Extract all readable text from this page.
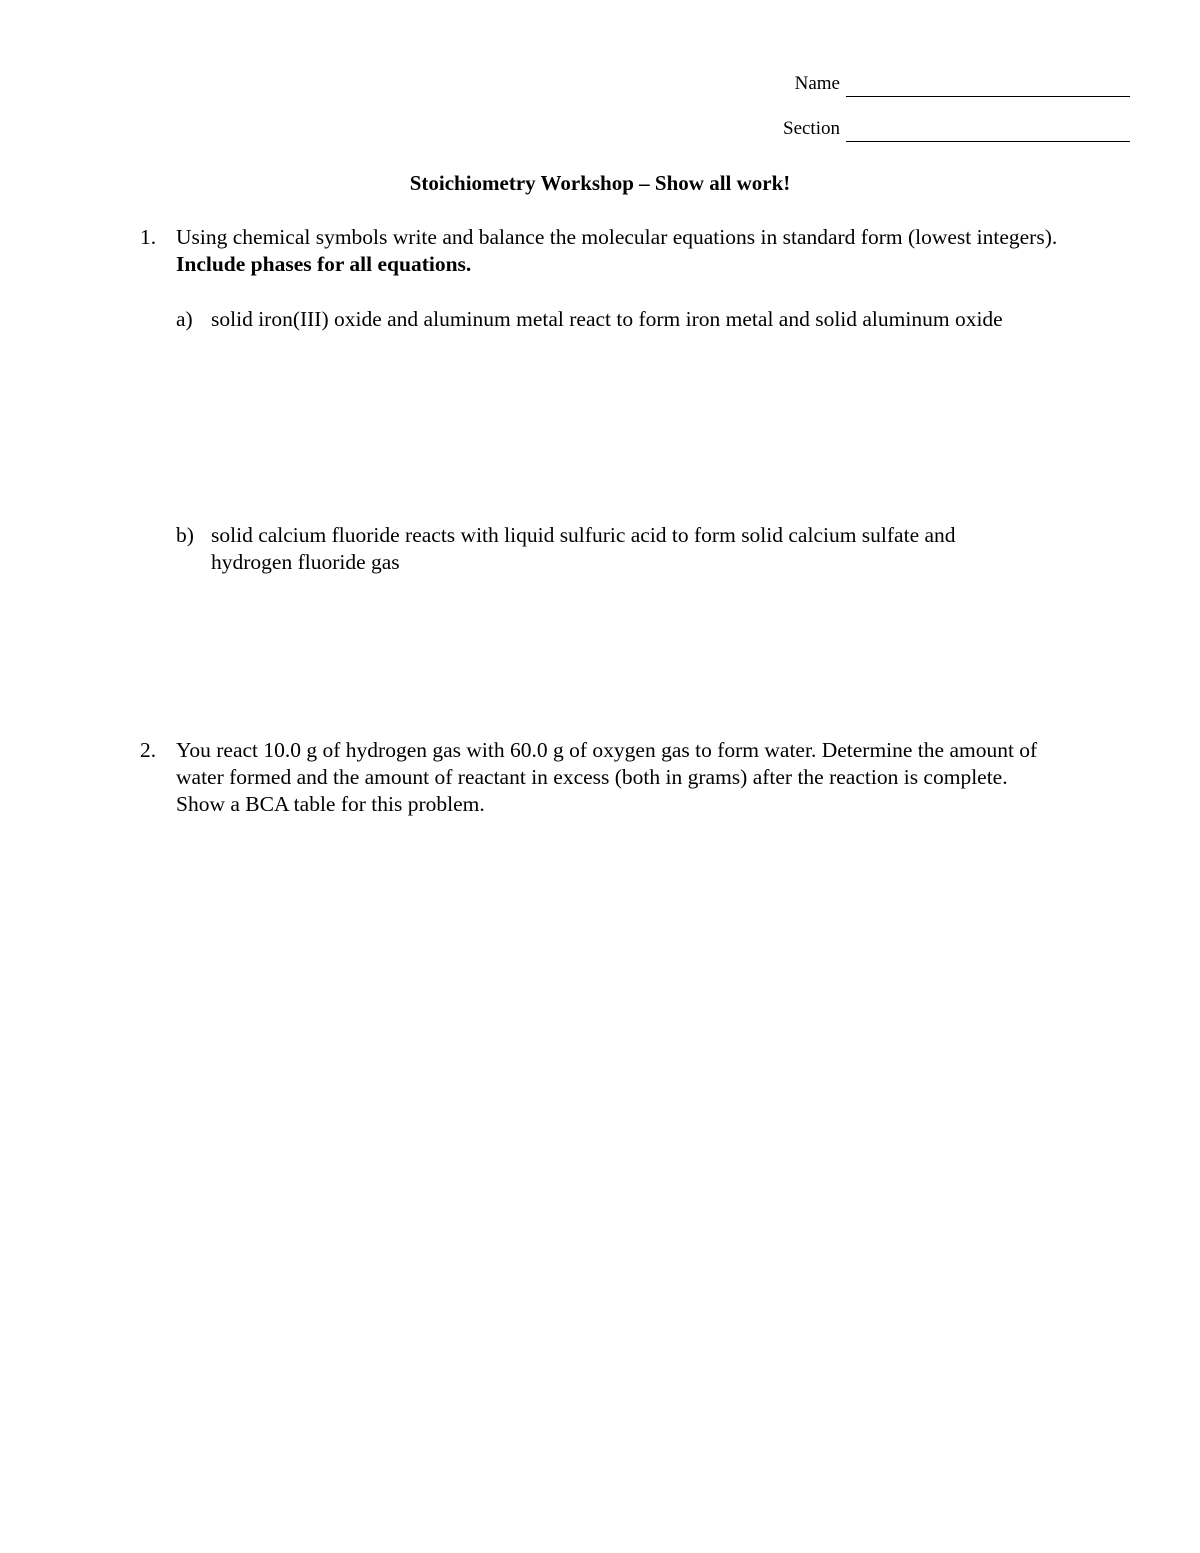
Name
Section
Stoichiometry Workshop – Show all work!
1. Using chemical symbols write and balance the molecular equations in standard form (lowest integers). Include phases for all equations.
a) solid iron(III) oxide and aluminum metal react to form iron metal and solid aluminum oxide
b) solid calcium fluoride reacts with liquid sulfuric acid to form solid calcium sulfate and hydrogen fluoride gas
2. You react 10.0 g of hydrogen gas with 60.0 g of oxygen gas to form water. Determine the amount of water formed and the amount of reactant in excess (both in grams) after the reaction is complete. Show a BCA table for this problem.
